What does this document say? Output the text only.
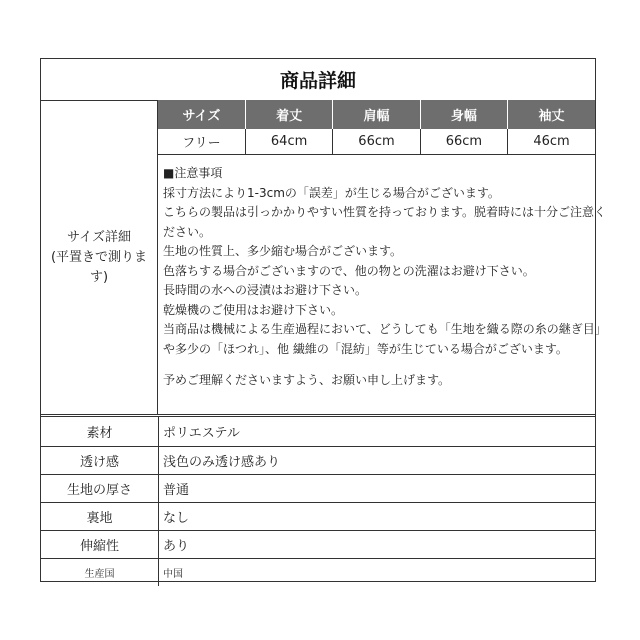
商品詳細
サイズ詳細
(平置きで測りま
す)
サイズ	着丈	肩幅	身幅	袖丈
フリー	64cm	66cm	66cm	46cm
■注意事項
採寸方法により1-3cmの「誤差」が生じる場合がございます。
こちらの製品は引っかかりやすい性質を持っております。脱着時には十分ご注意く
ださい。
生地の性質上、多少縮む場合がございます。
色落ちする場合がございますので、他の物との洗濯はお避け下さい。
長時間の水への浸漬はお避け下さい。
乾燥機のご使用はお避け下さい。
当商品は機械による生産過程において、どうしても「生地を織る際の糸の継ぎ目」
や多少の「ほつれ」、他 繊維の「混紡」等が生じている場合がございます。
予めご理解くださいますよう、お願い申し上げます。
素材	ポリエステル
透け感	浅色のみ透け感あり
生地の厚さ	普通
裏地	なし
伸縮性	あり
生産国	中国
